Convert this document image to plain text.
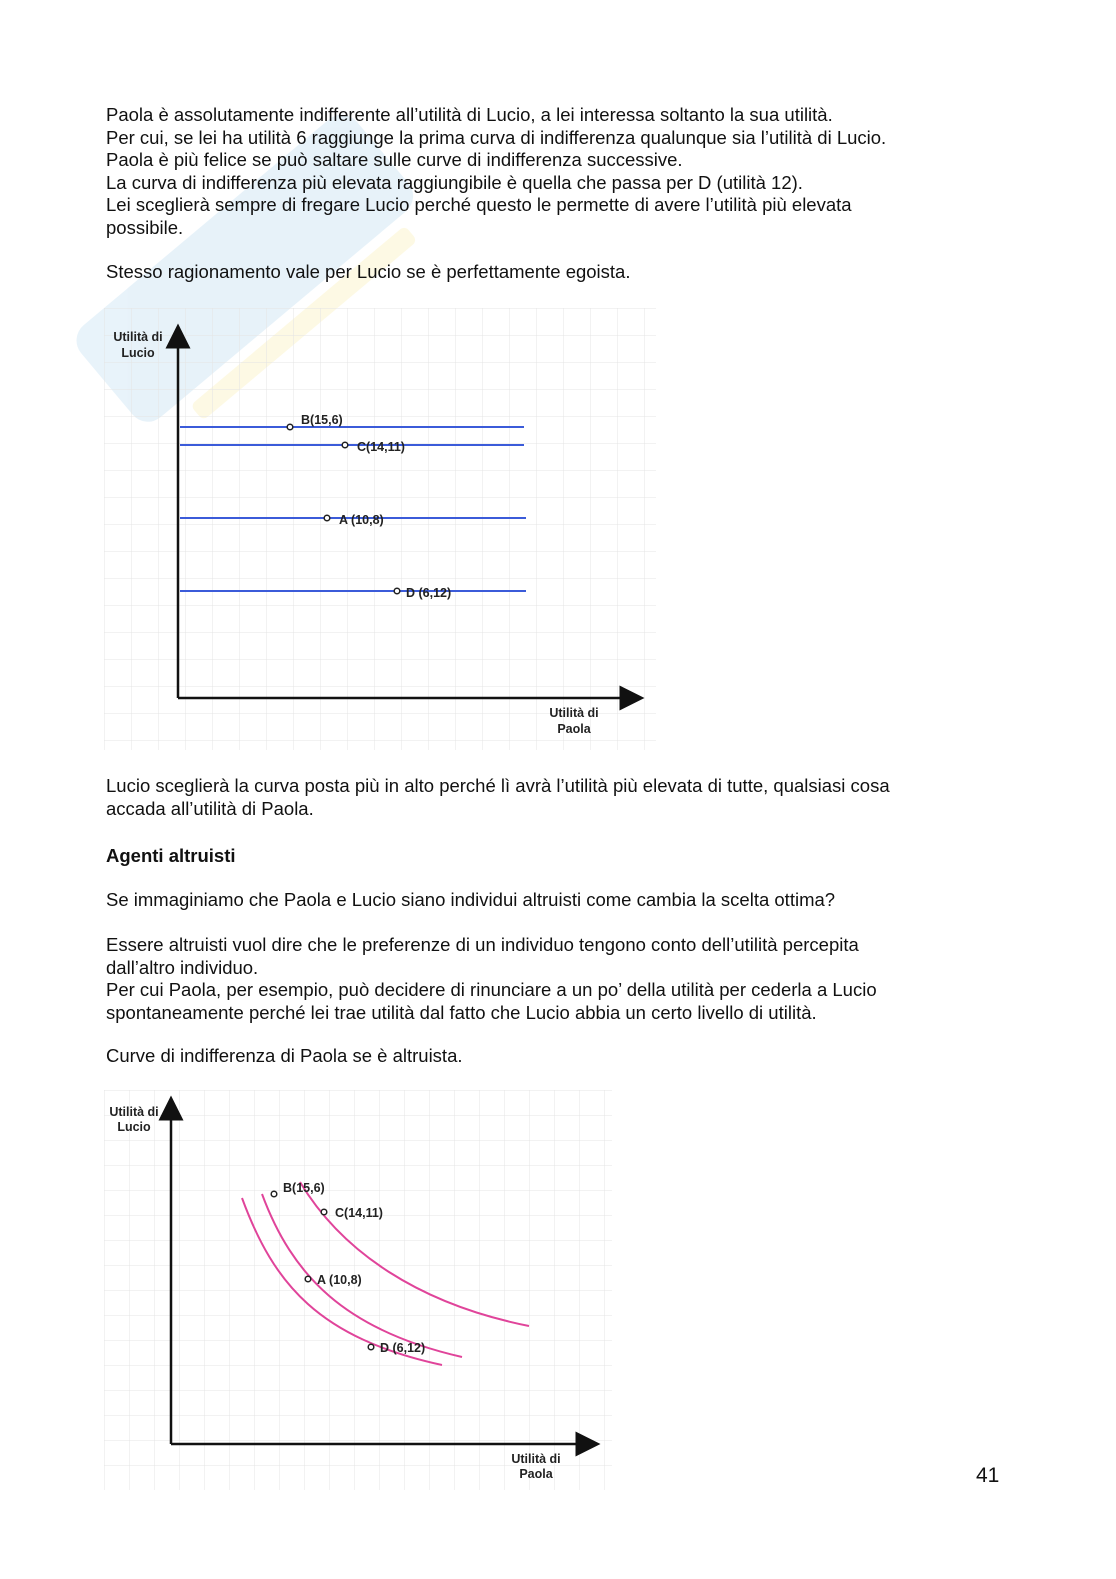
Paola è assolutamente indifferente all’utilità di Lucio, a lei interessa soltanto la sua utilità.
Per cui, se lei ha utilità 6 raggiunge la prima curva di indifferenza qualunque sia l’utilità di Lucio.
Paola è più felice se può saltare sulle curve di indifferenza successive.
La curva di indifferenza più elevata raggiungibile è quella che passa per D (utilità 12).
Lei sceglierà sempre di fregare Lucio perché questo le permette di avere l’utilità più elevata
possibile.

Stesso ragionamento vale per Lucio se è perfettamente egoista.

Utilità di
Lucio
Utilità di
Paola
B(15,6)
C(14,11)
A (10,8)
D (6,12)

Lucio sceglierà la curva posta più in alto perché lì avrà l’utilità più elevata di tutte, qualsiasi cosa
accada all’utilità di Paola.

Agenti altruisti

Se immaginiamo che Paola e Lucio siano individui altruisti come cambia la scelta ottima?

Essere altruisti vuol dire che le preferenze di un individuo tengono conto dell’utilità percepita
dall’altro individuo.
Per cui Paola, per esempio, può decidere di rinunciare a un po’ della utilità per cederla a Lucio
spontaneamente perché lei trae utilità dal fatto che Lucio abbia un certo livello di utilità.

Curve di indifferenza di Paola se è altruista.

Utilità di
Lucio
Utilità di
Paola
B(15,6)
C(14,11)
A (10,8)
D (6,12)
41
